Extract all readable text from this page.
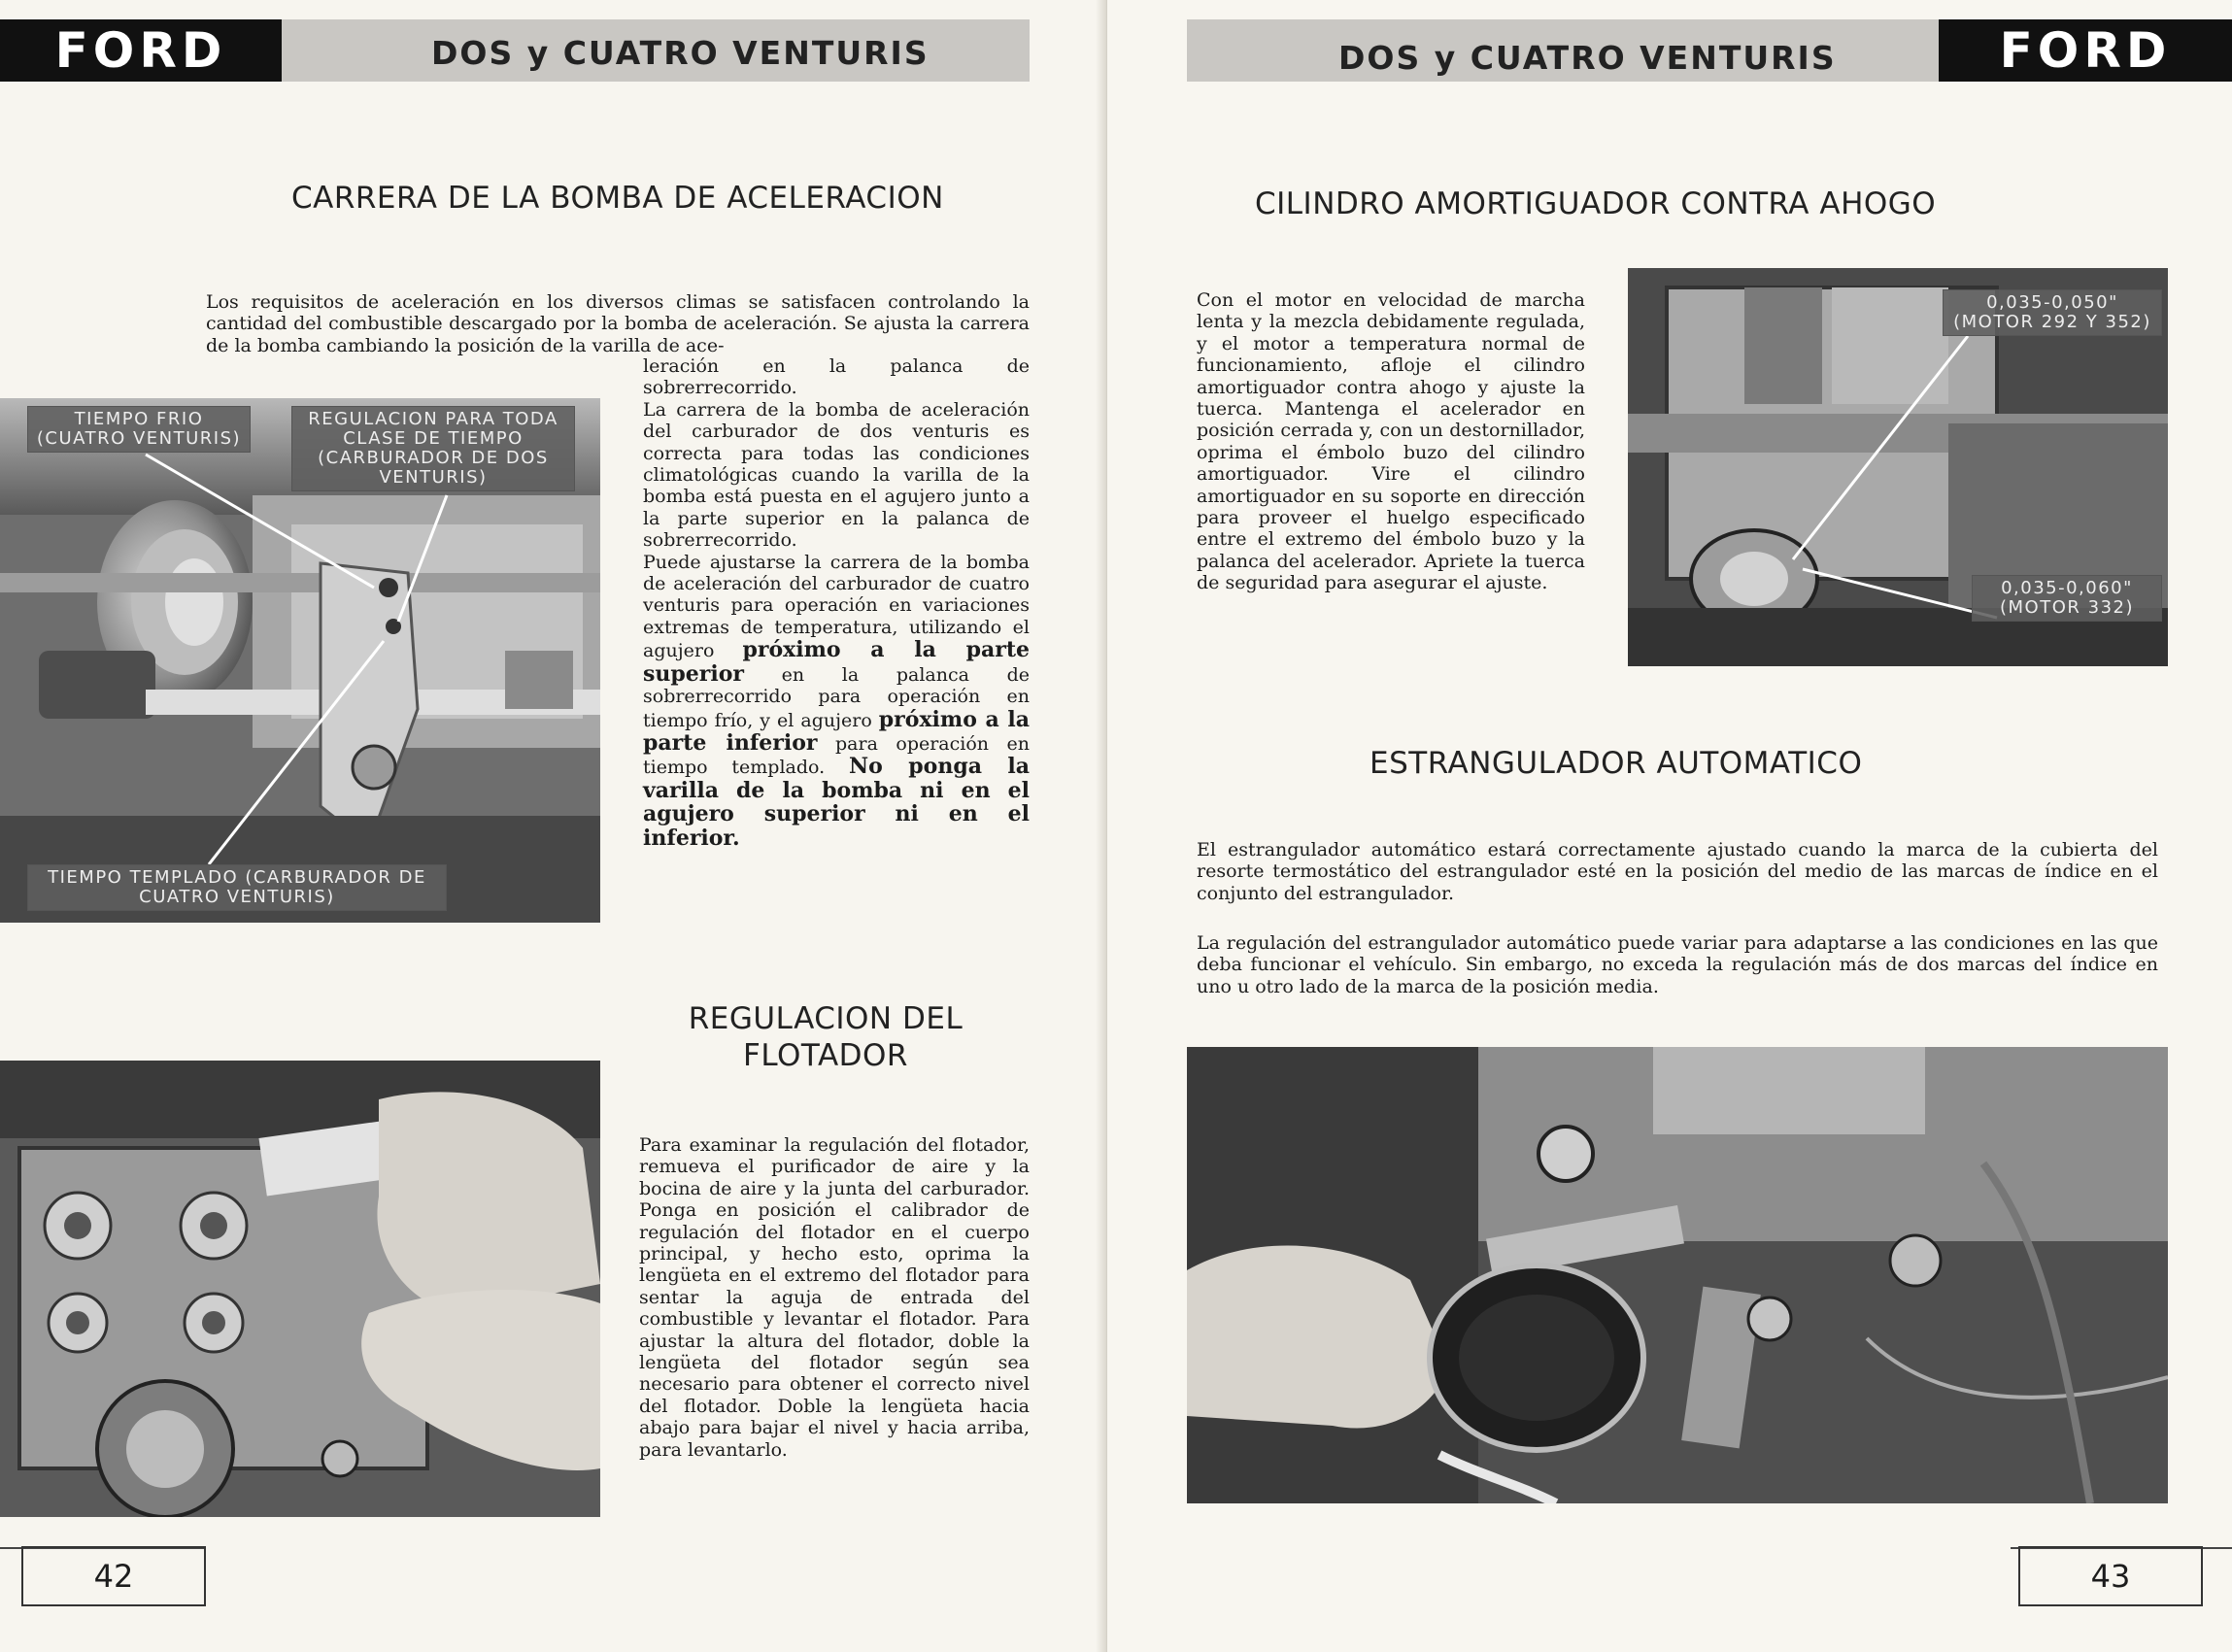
FORD	DOS y CUATRO VENTURIS
CARRERA DE LA BOMBA DE ACELERACION
Los requisitos de aceleración en los diversos climas se satisfacen controlando la cantidad del combustible descargado por la bomba de aceleración. Se ajusta la carrera de la bomba cambiando la posición de la varilla de ace-
TIEMPO FRIO (CUATRO VENTURIS)
REGULACION PARA TODA CLASE DE TIEMPO (CARBURADOR DE DOS VENTURIS)
TIEMPO TEMPLADO (CARBURADOR DE CUATRO VENTURIS)

leración en la palanca de sobrerrecorrido.

La carrera de la bomba de aceleración del carburador de dos venturis es correcta para todas las condiciones climatológicas cuando la varilla de la bomba está puesta en el agujero junto a la parte superior en la palanca de sobrerrecorrido.

Puede ajustarse la carrera de la bomba de aceleración del carburador de cuatro venturis para operación en variaciones extremas de temperatura, utilizando el agujero próximo a la parte superior en la palanca de sobrerrecorrido para operación en tiempo frío, y el agujero próximo a la parte inferior para operación en tiempo templado. No ponga la varilla de la bomba ni en el agujero superior ni en el inferior.

REGULACION DEL FLOTADOR
Para examinar la regulación del flotador, remueva el purificador de aire y la bocina de aire y la junta del carburador. Ponga en posición el calibrador de regulación del flotador en el cuerpo principal, y hecho esto, oprima la lengüeta en el extremo del flotador para sentar la aguja de entrada del combustible y levantar el flotador. Para ajustar la altura del flotador, doble la lengüeta del flotador según sea necesario para obtener el correcto nivel del flotador. Doble la lengüeta hacia abajo para bajar el nivel y hacia arriba, para levantarlo.
42
DOS y CUATRO VENTURIS	FORD
CILINDRO AMORTIGUADOR CONTRA AHOGO
Con el motor en velocidad de marcha lenta y la mezcla debidamente regulada, y el motor a temperatura normal de funcionamiento, afloje el cilindro amortiguador contra ahogo y ajuste la tuerca. Mantenga el acelerador en posición cerrada y, con un destornillador, oprima el émbolo buzo del cilindro amortiguador. Vire el cilindro amortiguador en su soporte en dirección para proveer el huelgo especificado entre el extremo del émbolo buzo y la palanca del acelerador. Apriete la tuerca de seguridad para asegurar el ajuste.
0,035-0,050" (MOTOR 292 Y 352)
0,035-0,060" (MOTOR 332)
ESTRANGULADOR AUTOMATICO
El estrangulador automático estará correctamente ajustado cuando la marca de la cubierta del resorte termostático del estrangulador esté en la posición del medio de las marcas de índice en el conjunto del estrangulador.
La regulación del estrangulador automático puede variar para adaptarse a las condiciones en las que deba funcionar el vehículo. Sin embargo, no exceda la regulación más de dos marcas del índice en uno u otro lado de la marca de la posición media.
43
